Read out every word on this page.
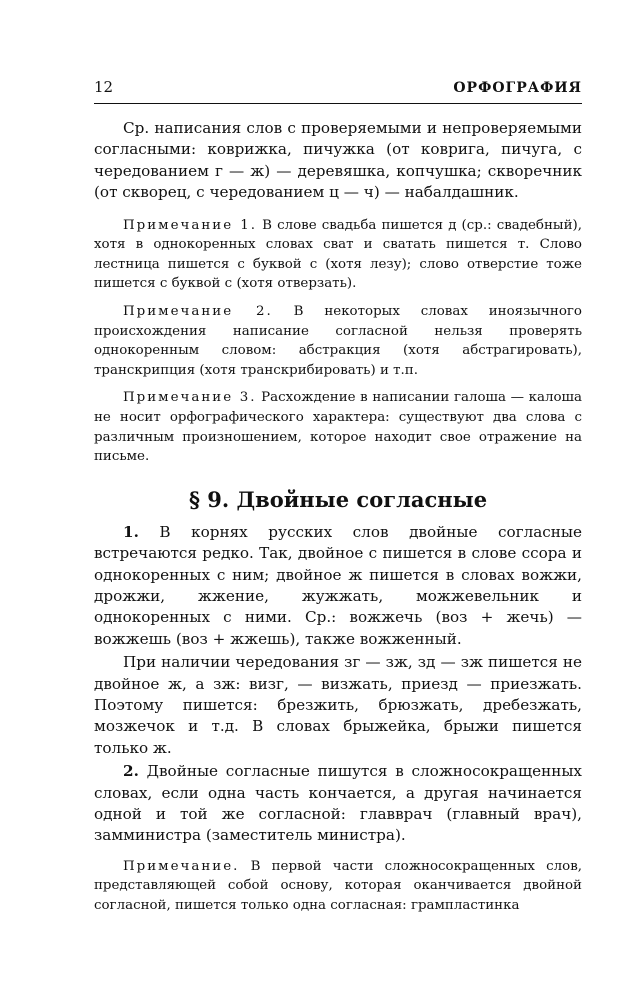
12	ОРФОГРАФИЯ

Ср. написания слов с проверяемыми и непроверяемыми согласными: коврижка, пичужка (от коврига, пичуга, с чередованием г — ж) — деревяшка, копчушка; скворечник (от скворец, с чередованием ц — ч) — набалдашник.

Примечание 1. В слове свадьба пишется д (ср.: свадебный), хотя в однокоренных словах сват и сватать пишется т. Слово лестница пишется с буквой с (хотя лезу); слово отверстие тоже пишется с буквой с (хотя отверзать).

Примечание 2. В некоторых словах иноязычного происхождения написание согласной нельзя проверять однокоренным словом: абстракция (хотя абстрагировать), транскрипция (хотя транскрибировать) и т.п.

Примечание 3. Расхождение в написании галоша — калоша не носит орфографического характера: существуют два слова с различным произношением, которое находит свое отражение на письме.

§ 9. Двойные согласные

1. В корнях русских слов двойные согласные встречаются редко. Так, двойное с пишется в слове ссора и однокоренных с ним; двойное ж пишется в словах вожжи, дрожжи, жжение, жужжать, можжевельник и однокоренных с ними. Ср.: вожжечь (воз + жечь) — вожжешь (воз + жжешь), также вожженный.

При наличии чередования зг — зж, зд — зж пишется не двойное ж, а зж: визг, — визжать, приезд — приезжать. Поэтому пишется: брезжить, брюзжать, дребезжать, мозжечок и т.д. В словах брыжейка, брыжи пишется только ж.

2. Двойные согласные пишутся в сложносокращенных словах, если одна часть кончается, а другая начинается одной и той же согласной: главврач (главный врач), замминистра (заместитель министра).

Примечание. В первой части сложносокращенных слов, представляющей собой основу, которая оканчивается двойной согласной, пишется только одна согласная: грампластинка
